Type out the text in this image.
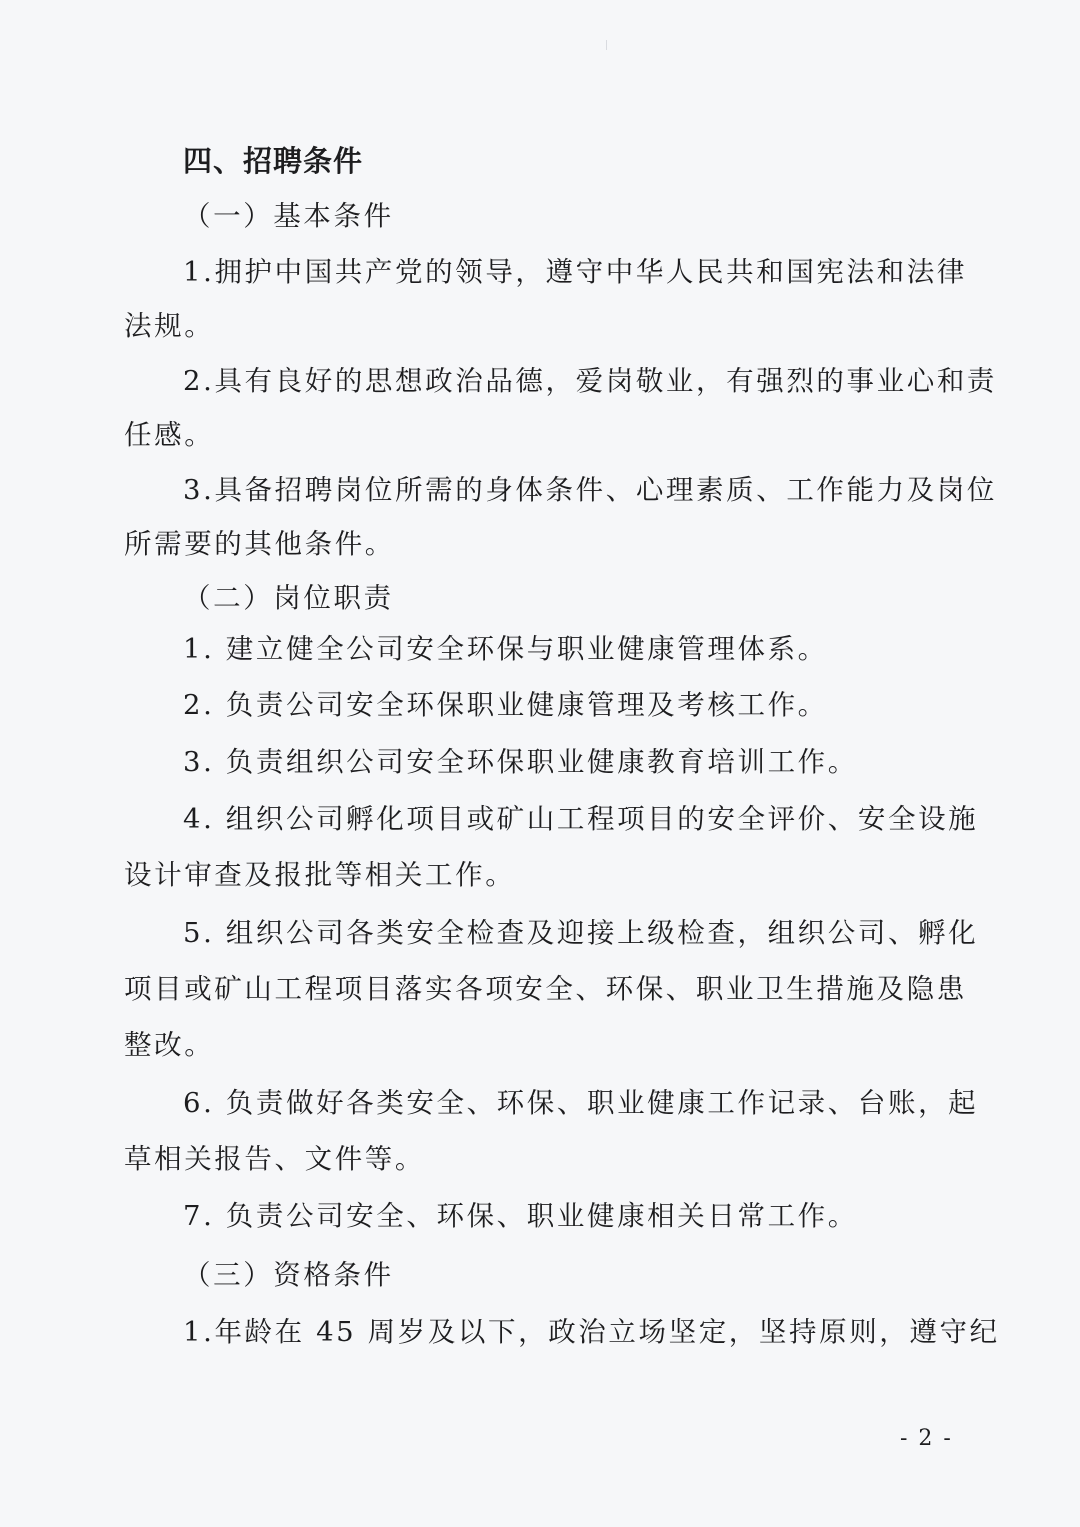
四、招聘条件
（一）基本条件
1.拥护中国共产党的领导，遵守中华人民共和国宪法和法律
法规。
2.具有良好的思想政治品德，爱岗敬业，有强烈的事业心和责
任感。
3.具备招聘岗位所需的身体条件、心理素质、工作能力及岗位
所需要的其他条件。
（二）岗位职责
1. 建立健全公司安全环保与职业健康管理体系。
2. 负责公司安全环保职业健康管理及考核工作。
3. 负责组织公司安全环保职业健康教育培训工作。
4. 组织公司孵化项目或矿山工程项目的安全评价、安全设施
设计审查及报批等相关工作。
5. 组织公司各类安全检查及迎接上级检查，组织公司、孵化
项目或矿山工程项目落实各项安全、环保、职业卫生措施及隐患
整改。
6. 负责做好各类安全、环保、职业健康工作记录、台账，起
草相关报告、文件等。
7. 负责公司安全、环保、职业健康相关日常工作。
（三）资格条件
1.年龄在 45 周岁及以下，政治立场坚定，坚持原则，遵守纪
- 2 -
